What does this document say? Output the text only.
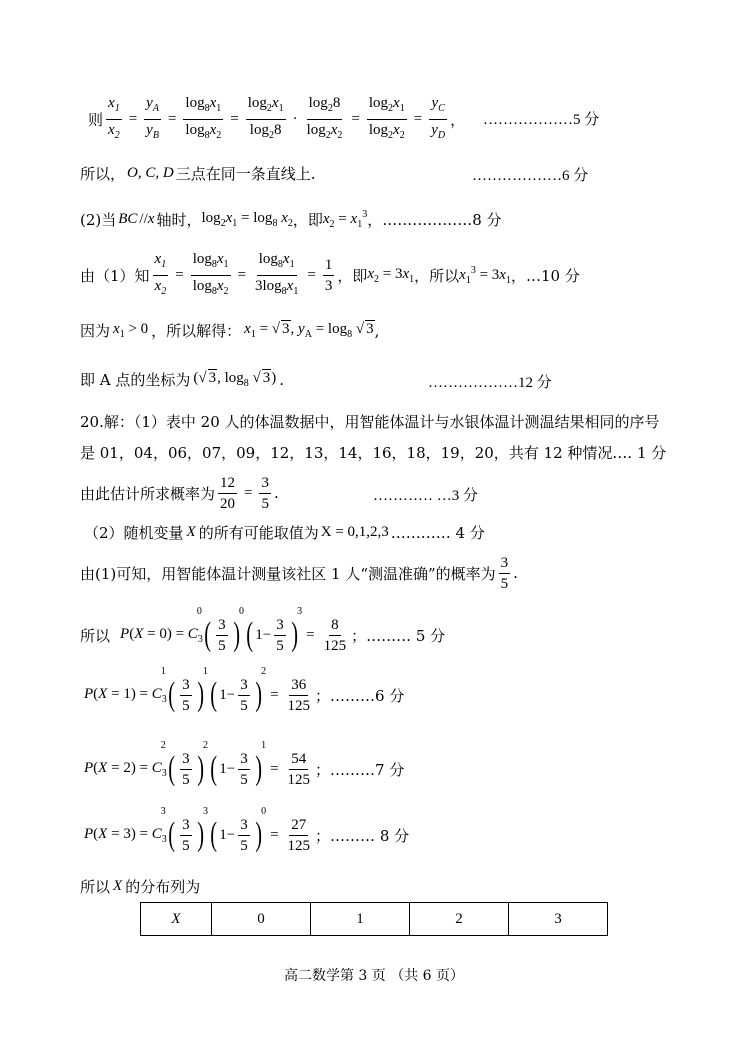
则 $\frac{x_1}{x_2} = \frac{y_A}{y_B} = \frac{\log_8x_1}{\log_8x_2} = \frac{\log_2x_1}{\log_28} \cdot \frac{\log_28}{\log_2x_2} = \frac{\log_2x_1}{\log_2x_2} = \frac{y_C}{y_D}$ ， ………………5 分
所以， O, C, D 三点在同一条直线上.	………………6 分
(2)当 BC // x 轴时， $\log_2x_1 = \log_8 x_2$ ，即 $x_2 = x_1^3$ ，………………8 分
由（1）知 $\frac{x_1}{x_2} = \frac{\log_8x_1}{\log_8x_2} = \frac{\log_8x_1}{3\log_8x_1} = \frac{1}{3}$ ，即 $x_2 = 3x_1$ ，所以 $x_1^3 = 3x_1$ ，…10 分
因为 $x_1 > 0$ ，所以解得： $x_1$ = √ 3, $y_A = \log_8$ √ 3 ,
即 A 点的坐标为 (√ 3, $\log_8$ √ 3) .	………………12 分
20.解：（1）表中 20 人的体温数据中，用智能体温计与水银体温计测温结果相同的序号
是 01，04，06，07，09，12，13，14，16，18，19，20，共有 12 种情况.… 1 分
由此估计所求概率为 $\frac{12}{20} = \frac{3}{5}$ .	………… …3 分
（2）随机变量 X 的所有可能取值为 X = 0,1,2,3 ………… 4 分
由(1)可知，用智能体温计测量该社区 1 人“测温准确”的概率为 $\frac{3}{5}$ .
所以 $P(X = 0) = C_3$
0
( $\frac{3}{5}$ )
0
( $1- \frac{3}{5}$ )
3
= $\frac{8}{125}$ ；……… 5 分
$P(X = 1) = C_3$
1
( $\frac{3}{5}$ )
1
( $1- \frac{3}{5}$ )
2
= $\frac{36}{125}$ ；………6 分
$P(X = 2) = C_3$
2
( $\frac{3}{5}$ )
2
( $1- \frac{3}{5}$ )
1
= $\frac{54}{125}$ ；………7 分
$P(X = 3) = C_3$
3
( $\frac{3}{5}$ )
3
( $1- \frac{3}{5}$ )
0
= $\frac{27}{125}$ ；……… 8 分
所以 X 的分布列为
X	0	1	2	3
高二数学第 3 页 （共 6 页）
